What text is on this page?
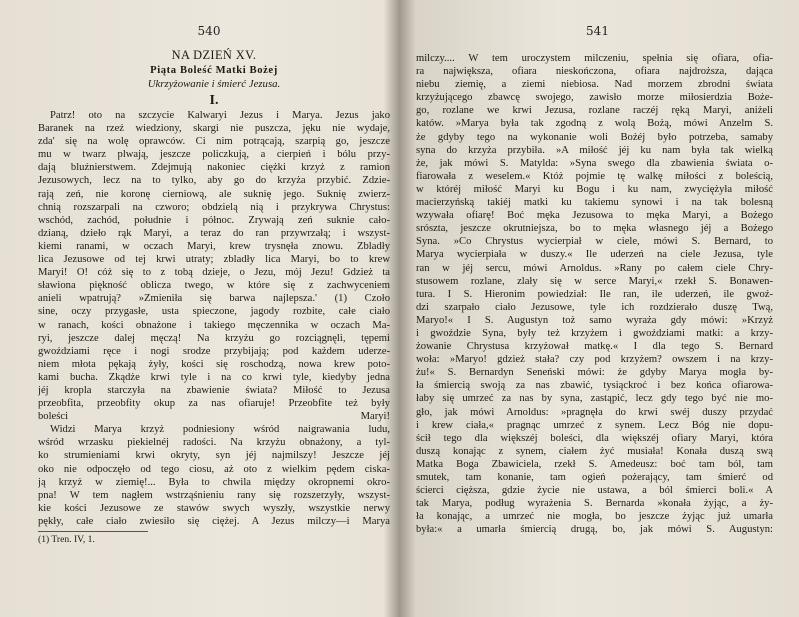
540
NA DZIEŃ XV.
Piąta Boleść Matki Bożej
Ukrzyżowanie i śmierć Jezusa.
I.
Patrz! oto na szczycie Kalwaryi Jezus i Marya. Jezus jako
Baranek na rzeź wiedziony, skargi nie puszcza, jęku nie wydaje,
zda' się na wolę oprawców. Ci nim potrącają, szarpią go, jeszcze
mu w twarz plwają, jeszcze policzkują, a cierpień i bólu przy-
dają bluźnierstwem. Zdejmują nakoniec ciężki krzyż z ramion
Jezusowych, lecz na to tylko, aby go do krzyża przybić. Zdzie-
rają zeń, nie koronę cierniową, ale suknię jego. Suknię zwierz-
chnią rozszarpali na czworo; obdzielą nią i przykrywa Chrystus:
wschód, zachód, południe i północ. Zrywają zeń suknie cało-
dzianą, dzieło rąk Maryi, a teraz do ran przywrzałą; i wszyst-
kiemi ranami, w oczach Maryi, krew trysnęła znowu. Zbladły
lica Jezusowe od tej krwi utraty; zbladły lica Maryi, bo to krew
Maryi! O! cóż się to z tobą dzieje, o Jezu, mój Jezu! Gdzież ta
sławiona piękność oblicza twego, w które się z zachwyceniem
anieli wpatrują? »Zmieniła się barwa najlepsza.' (1) Czoło
sine, oczy przygasłe, usta spieczone, jagody rozbite, całe ciało
w ranach, kości obnażone i takiego męczennika w oczach Ma-
ryi, jeszcze dalej męczą! Na krzyżu go rozciągnęli, tępemi
gwoździami ręce i nogi srodze przybijają; pod każdem uderze-
niem młota pękają żyły, kości się roschodzą, nowa krew poto-
kami bucha. Zkądże krwi tyle i na co krwi tyle, kiedyby jedna
jéj kropla starczyła na zbawienie świata? Miłość to Jezusa
przeobfita, przeobfity okup za nas ofiaruje! Przeobfite też były
boleści Maryi!
Widzi Marya krzyż podniesiony wśród naigrawania ludu,
wśród wrzasku piekielnéj radości. Na krzyżu obnażony, a tyl-
ko strumieniami krwi okryty, syn jéj najmilszy! Jeszcze jéj
oko nie odpoczęło od tego ciosu, aż oto z wielkim pędem ciska-
ją krzyż w ziemię!... Była to chwila między okropnemi okro-
pna! W tem nagłem wstrząśnieniu rany się rozszerzyły, wszyst-
kie kości Jezusowe ze stawów swych wyszły, wszystkie nerwy
pękły, całe ciało zwiesiło się ciężej. A Jezus milczy—i Marya
(1) Tren. IV, 1.
541
milczy.... W tem uroczystem milczeniu, spełnia się ofiara, ofia-
ra największa, ofiara nieskończona, ofiara najdroższa, dająca
niebu ziemię, a ziemi niebiosa. Nad morzem zbrodni świata
krzyżującego zbawcę swojego, zawisło morze miłosierdzia Boże-
go, rozlane we krwi Jezusa, rozlane raczéj ręką Maryi, aniżeli
katów. »Marya była tak zgodną z wolą Bożą, mówi Anzelm S.
że gdyby tego na wykonanie woli Bożéj było potrzeba, samaby
syna do krzyża przybiła. »A miłość jéj ku nam była tak wielką
że, jak mówi S. Matylda: »Syna swego dla zbawienia świata o-
fiarowała z weselem.« Któż pojmie tę walkę miłości z boleścią,
w któréj miłość Maryi ku Bogu i ku nam, zwyciężyła miłość
macierzyńską takiéj matki ku takiemu synowi i na tak bolesną
wzywała ofiarę! Boć męka Jezusowa to męka Maryi, a Bożego
srószta, jeszcze okrutniejsza, bo to męka własnego jéj a Bożego
Syna. »Co Chrystus wycierpiał w ciele, mówi S. Bernard, to
Marya wycierpiała w duszy.« Ile uderzeń na ciele Jezusa, tyle
ran w jéj sercu, mówi Arnoldus. »Rany po całem ciele Chry-
stusowem rozlane, zlały się w serce Maryi,« rzekł S. Bonawen-
tura. I S. Hieronim powiedział: Ile ran, ile uderzeń, ile gwoź-
dzi szarpało ciało Jezusowe, tyle ich rozdzierało duszę Twą,
Maryo!« I S. Augustyn toż samo wyraża gdy mówi: »Krzyż
i gwoździe Syna, były też krzyżem i gwoździami matki: a krzy-
żowanie Chrystusa krzyżował matkę.« I dla tego S. Bernard
woła: »Maryo! gdzież stała? czy pod krzyżem? owszem i na krzy-
żu!« S. Bernardyn Seneński mówi: że gdyby Marya mogła by-
ła śmiercią swoją za nas zbawić, tysiąckroć i bez końca ofiarowa-
łaby się umrzeć za nas by syna, zastąpić, lecz gdy tego być nie mo-
gło, jak mówi Arnoldus: »pragnęła do krwi swéj duszy przydać
i krew ciała,« pragnąc umrzeć z synem. Lecz Bóg nie dopu-
ścił tego dla większéj boleści, dla większéj ofiary Maryi, która
duszą konając z synem, ciałem żyć musiała! Konała duszą swą
Matka Boga Zbawiciela, rzekł S. Amedeusz: boć tam ból, tam
smutek, tam konanie, tam ogień pożerający, tam śmierć od
ścierci cięższa, gdzie życie nie ustawa, a ból śmierci boli.« A
tak Marya, podług wyrażenia S. Bernarda »konała żyjąc, a ży-
ła konając, a umrzeć nie mogła, bo jeszcze żyjąc już umarła
była:« a umarła śmiercią drugą, bo, jak mówi S. Augustyn:
